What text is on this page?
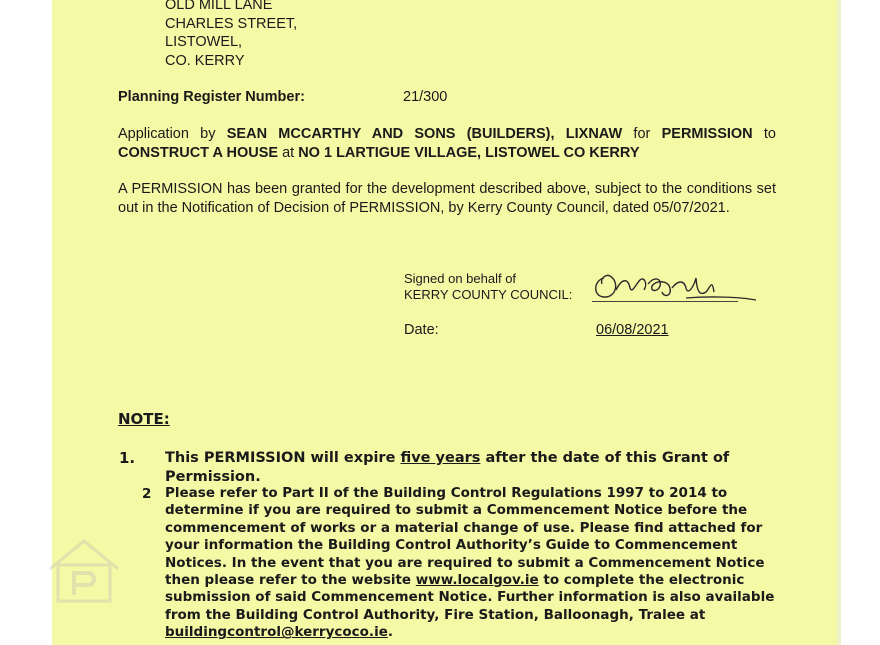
OLD MILL LANE
CHARLES STREET,
LISTOWEL,
CO. KERRY
Planning Register Number:	21/300
Application by SEAN MCCARTHY AND SONS (BUILDERS), LIXNAW for PERMISSION to CONSTRUCT A HOUSE at NO 1 LARTIGUE VILLAGE, LISTOWEL CO KERRY
A PERMISSION has been granted for the development described above, subject to the conditions set out in the Notification of Decision of PERMISSION, by Kerry County Council, dated 05/07/2021.
Signed on behalf of
KERRY COUNTY COUNCIL:
Date:	06/08/2021
NOTE:
1. This PERMISSION will expire five years after the date of this Grant of Permission.
2 Please refer to Part II of the Building Control Regulations 1997 to 2014 to determine if you are required to submit a Commencement Notice before the commencement of works or a material change of use. Please find attached for your information the Building Control Authority’s Guide to Commencement Notices. In the event that you are required to submit a Commencement Notice then please refer to the website www.localgov.ie to complete the electronic submission of said Commencement Notice. Further information is also available from the Building Control Authority, Fire Station, Balloonagh, Tralee at buildingcontrol@kerrycoco.ie.
